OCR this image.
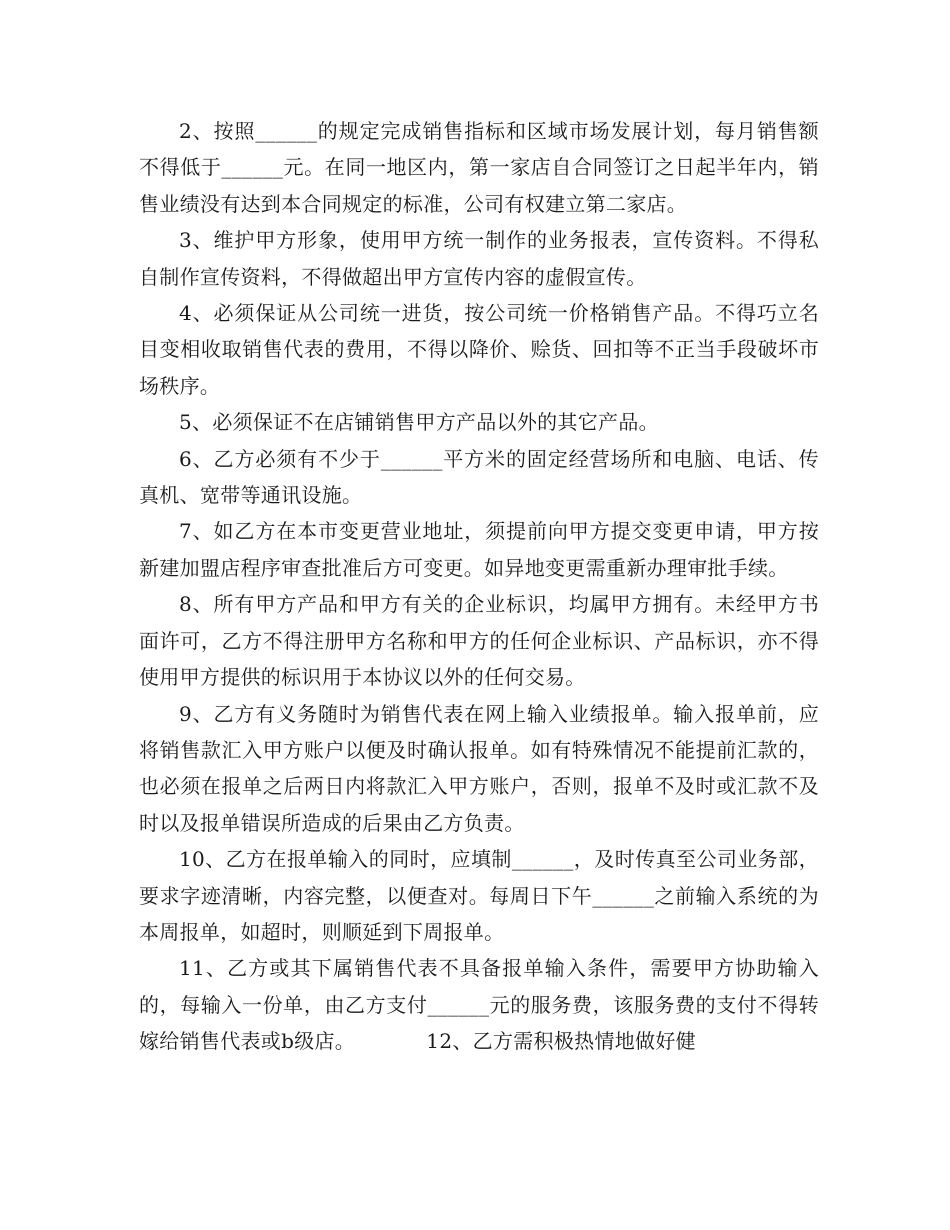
2、按照______的规定完成销售指标和区域市场发展计划，每月销售额不得低于______元。在同一地区内，第一家店自合同签订之日起半年内，销售业绩没有达到本合同规定的标准，公司有权建立第二家店。

3、维护甲方形象，使用甲方统一制作的业务报表，宣传资料。不得私自制作宣传资料，不得做超出甲方宣传内容的虚假宣传。

4、必须保证从公司统一进货，按公司统一价格销售产品。不得巧立名目变相收取销售代表的费用，不得以降价、赊货、回扣等不正当手段破坏市场秩序。

5、必须保证不在店铺销售甲方产品以外的其它产品。

6、乙方必须有不少于______平方米的固定经营场所和电脑、电话、传真机、宽带等通讯设施。

7、如乙方在本市变更营业地址，须提前向甲方提交变更申请，甲方按新建加盟店程序审查批准后方可变更。如异地变更需重新办理审批手续。

8、所有甲方产品和甲方有关的企业标识，均属甲方拥有。未经甲方书面许可，乙方不得注册甲方名称和甲方的任何企业标识、产品标识，亦不得使用甲方提供的标识用于本协议以外的任何交易。

9、乙方有义务随时为销售代表在网上输入业绩报单。输入报单前，应将销售款汇入甲方账户以便及时确认报单。如有特殊情况不能提前汇款的，也必须在报单之后两日内将款汇入甲方账户，否则，报单不及时或汇款不及时以及报单错误所造成的后果由乙方负责。

10、乙方在报单输入的同时，应填制______，及时传真至公司业务部，要求字迹清晰，内容完整，以便查对。每周日下午______之前输入系统的为本周报单，如超时，则顺延到下周报单。

11、乙方或其下属销售代表不具备报单输入条件，需要甲方协助输入的，每输入一份单，由乙方支付______元的服务费，该服务费的支付不得转嫁给销售代表或b级店。　　　　12、乙方需积极热情地做好健
